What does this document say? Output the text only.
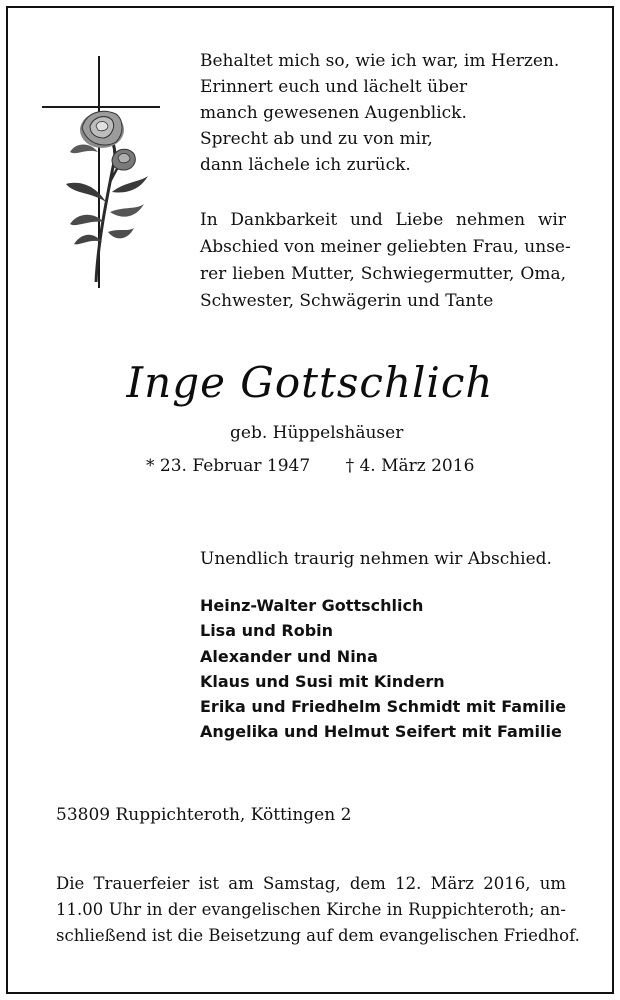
Behaltet mich so, wie ich war, im Herzen.
Erinnert euch und lächelt über
manch gewesenen Augenblick.
Sprecht ab und zu von mir,
dann lächele ich zurück.
In Dankbarkeit und Liebe nehmen wir
Abschied von meiner geliebten Frau, unse-
rer lieben Mutter, Schwiegermutter, Oma,
Schwester, Schwägerin und Tante
Inge Gottschlich
geb. Hüppelshäuser
* 23. Februar 1947 † 4. März 2016
Unendlich traurig nehmen wir Abschied.
Heinz-Walter Gottschlich
Lisa und Robin
Alexander und Nina
Klaus und Susi mit Kindern
Erika und Friedhelm Schmidt mit Familie
Angelika und Helmut Seifert mit Familie
53809 Ruppichteroth, Köttingen 2
Die Trauerfeier ist am Samstag, dem 12. März 2016, um
11.00 Uhr in der evangelischen Kirche in Ruppichteroth; an-
schließend ist die Beisetzung auf dem evangelischen Friedhof.
